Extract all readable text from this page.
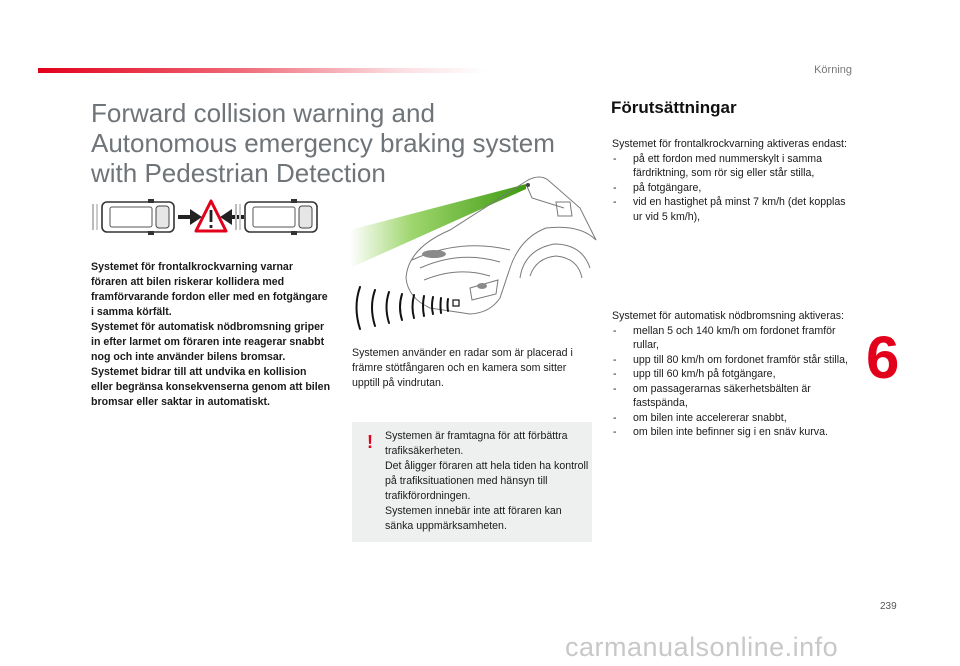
Körning
Forward collision warning and
Autonomous emergency braking system
with Pedestrian Detection

Systemet för frontalkrockvarning varnar föraren att bilen riskerar kollidera med framförvarande fordon eller med en fotgängare i samma körfält.

Systemet för automatisk nödbromsning griper in efter larmet om föraren inte reagerar snabbt nog och inte använder bilens bromsar.

Systemet bidrar till att undvika en kollision eller begränsa konsekvenserna genom att bilen bromsar eller saktar in automatiskt.

Systemen använder en radar som är placerad i främre stötfångaren och en kamera som sitter upptill på vindrutan.
! Systemen är framtagna för att förbättra trafiksäkerheten.

Det åligger föraren att hela tiden ha kontroll på trafiksituationen med hänsyn till trafikförordningen.

Systemen innebär inte att föraren kan sänka uppmärksamheten.

Förutsättningar

Systemet för frontalkrockvarning aktiveras endast:

- på ett fordon med nummerskylt i samma färdriktning, som rör sig eller står stilla,
- på fotgängare,
- vid en hastighet på minst 7 km/h (det kopplas ur vid 5 km/h),

Systemet för automatisk nödbromsning aktiveras:

- mellan 5 och 140 km/h om fordonet framför rullar,
- upp till 80 km/h om fordonet framför står stilla,
- upp till 60 km/h på fotgängare,
- om passagerarnas säkerhetsbälten är fastspända,
- om bilen inte accelererar snabbt,
- om bilen inte befinner sig i en snäv kurva.
6
239
carmanualsonline.info
